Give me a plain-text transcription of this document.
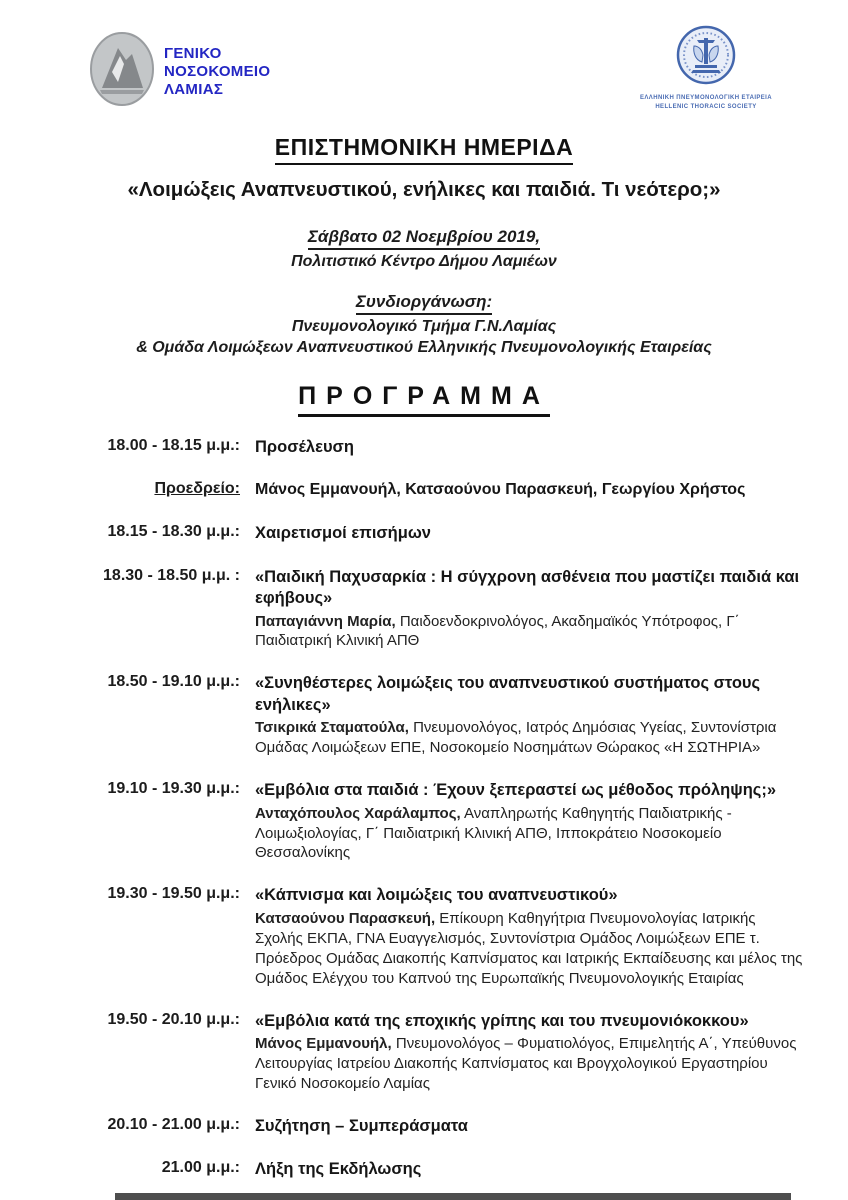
ΓΕΝΙΚΟ
ΝΟΣΟΚΟΜΕΙΟ
ΛΑΜΙΑΣ
ΕΛΛΗΝΙΚΗ ΠΝΕΥΜΟΝΟΛΟΓΙΚΗ ΕΤΑΙΡΕΙΑ
HELLENIC THORACIC SOCIETY
ΕΠΙΣΤΗΜΟΝΙΚΗ ΗΜΕΡΙΔΑ
«Λοιμώξεις Αναπνευστικού, ενήλικες και παιδιά. Τι νεότερο;»
Σάββατο 02 Νοεμβρίου 2019,
Πολιτιστικό Κέντρο Δήμου Λαμιέων
Συνδιοργάνωση:
Πνευμονολογικό Τμήμα Γ.Ν.Λαμίας
& Ομάδα Λοιμώξεων Αναπνευστικού Ελληνικής Πνευμονολογικής Εταιρείας
ΠΡΟΓΡΑΜΜΑ
18.00 - 18.15 μ.μ.: Προσέλευση
Προεδρείο: Μάνος Εμμανουήλ, Κατσαούνου Παρασκευή, Γεωργίου Χρήστος
18.15 - 18.30 μ.μ.: Χαιρετισμοί επισήμων
18.30 - 18.50 μ.μ. : «Παιδική Παχυσαρκία : Η σύγχρονη ασθένεια που μαστίζει παιδιά και εφήβους»
Παπαγιάννη Μαρία, Παιδοενδοκρινολόγος, Ακαδημαϊκός Υπότροφος, Γ΄ Παιδιατρική Κλινική ΑΠΘ
18.50 - 19.10 μ.μ.: «Συνηθέστερες λοιμώξεις του αναπνευστικού συστήματος στους ενήλικες»
Τσικρικά Σταματούλα, Πνευμονολόγος, Ιατρός Δημόσιας Υγείας, Συντονίστρια Ομάδας Λοιμώξεων ΕΠΕ, Νοσοκομείο Νοσημάτων Θώρακος «Η ΣΩΤΗΡΙΑ»
19.10 - 19.30 μ.μ.: «Εμβόλια στα παιδιά : Έχουν ξεπεραστεί ως μέθοδος πρόληψης;»
Ανταχόπουλος Χαράλαμπος, Αναπληρωτής Καθηγητής Παιδιατρικής - Λοιμωξιολογίας, Γ΄ Παιδιατρική Κλινική ΑΠΘ, Ιπποκράτειο Νοσοκομείο Θεσσαλονίκης
19.30 - 19.50 μ.μ.: «Κάπνισμα και λοιμώξεις του αναπνευστικού»
Κατσαούνου Παρασκευή, Επίκουρη Καθηγήτρια Πνευμονολογίας Ιατρικής Σχολής ΕΚΠΑ, ΓΝΑ Ευαγγελισμός, Συντονίστρια Ομάδος Λοιμώξεων ΕΠΕ τ. Πρόεδρος Ομάδας Διακοπής Καπνίσματος και Ιατρικής Εκπαίδευσης και μέλος της Ομάδος Ελέγχου του Καπνού της Ευρωπαϊκής Πνευμονολογικής Εταιρίας
19.50 - 20.10 μ.μ.: «Εμβόλια κατά της εποχικής γρίπης και του πνευμονιόκοκκου»
Μάνος Εμμανουήλ, Πνευμονολόγος – Φυματιολόγος, Επιμελητής Α΄, Υπεύθυνος Λειτουργίας Ιατρείου Διακοπής Καπνίσματος και Βρογχολογικού Εργαστηρίου Γενικό Νοσοκομείο Λαμίας
20.10 - 21.00 μ.μ.: Συζήτηση – Συμπεράσματα
21.00 μ.μ.: Λήξη της Εκδήλωσης
